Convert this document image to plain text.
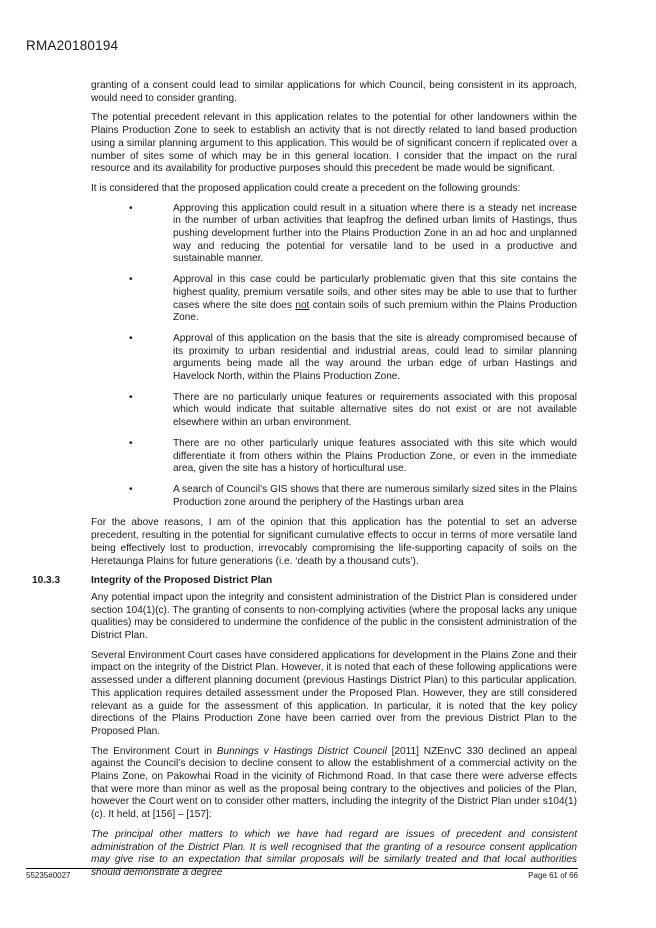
RMA20180194

granting of a consent could lead to similar applications for which Council, being consistent in its approach, would need to consider granting.

The potential precedent relevant in this application relates to the potential for other landowners within the Plains Production Zone to seek to establish an activity that is not directly related to land based production using a similar planning argument to this application. This would be of significant concern if replicated over a number of sites some of which may be in this general location. I consider that the impact on the rural resource and its availability for productive purposes should this precedent be made would be significant.

It is considered that the proposed application could create a precedent on the following grounds:

•	Approving this application could result in a situation where there is a steady net increase in the number of urban activities that leapfrog the defined urban limits of Hastings, thus pushing development further into the Plains Production Zone in an ad hoc and unplanned way and reducing the potential for versatile land to be used in a productive and sustainable manner.
•	Approval in this case could be particularly problematic given that this site contains the highest quality, premium versatile soils, and other sites may be able to use that to further cases where the site does not contain soils of such premium within the Plains Production Zone.
•	Approval of this application on the basis that the site is already compromised because of its proximity to urban residential and industrial areas, could lead to similar planning arguments being made all the way around the urban edge of urban Hastings and Havelock North, within the Plains Production Zone.
•	There are no particularly unique features or requirements associated with this proposal which would indicate that suitable alternative sites do not exist or are not available elsewhere within an urban environment.
•	There are no other particularly unique features associated with this site which would differentiate it from others within the Plains Production Zone, or even in the immediate area, given the site has a history of horticultural use.
•	A search of Council’s GIS shows that there are numerous similarly sized sites in the Plains Production zone around the periphery of the Hastings urban area

For the above reasons, I am of the opinion that this application has the potential to set an adverse precedent, resulting in the potential for significant cumulative effects to occur in terms of more versatile land being effectively lost to production, irrevocably compromising the life-supporting capacity of soils on the Heretaunga Plains for future generations (i.e. ‘death by a thousand cuts’).

10.3.3	Integrity of the Proposed District Plan

Any potential impact upon the integrity and consistent administration of the District Plan is considered under section 104(1)(c). The granting of consents to non-complying activities (where the proposal lacks any unique qualities) may be considered to undermine the confidence of the public in the consistent administration of the District Plan.

Several Environment Court cases have considered applications for development in the Plains Zone and their impact on the integrity of the District Plan. However, it is noted that each of these following applications were assessed under a different planning document (previous Hastings District Plan) to this particular application. This application requires detailed assessment under the Proposed Plan. However, they are still considered relevant as a guide for the assessment of this application. In particular, it is noted that the key policy directions of the Plains Production Zone have been carried over from the previous District Plan to the Proposed Plan.

The Environment Court in Bunnings v Hastings District Council [2011] NZEnvC 330 declined an appeal against the Council’s decision to decline consent to allow the establishment of a commercial activity on the Plains Zone, on Pakowhai Road in the vicinity of Richmond Road. In that case there were adverse effects that were more than minor as well as the proposal being contrary to the objectives and policies of the Plan, however the Court went on to consider other matters, including the integrity of the District Plan under s104(1)(c). It held, at [156] – [157]:

The principal other matters to which we have had regard are issues of precedent and consistent administration of the District Plan. It is well recognised that the granting of a resource consent application may give rise to an expectation that similar proposals will be similarly treated and that local authorities should demonstrate a degree

55235#0027	Page 61 of 66
